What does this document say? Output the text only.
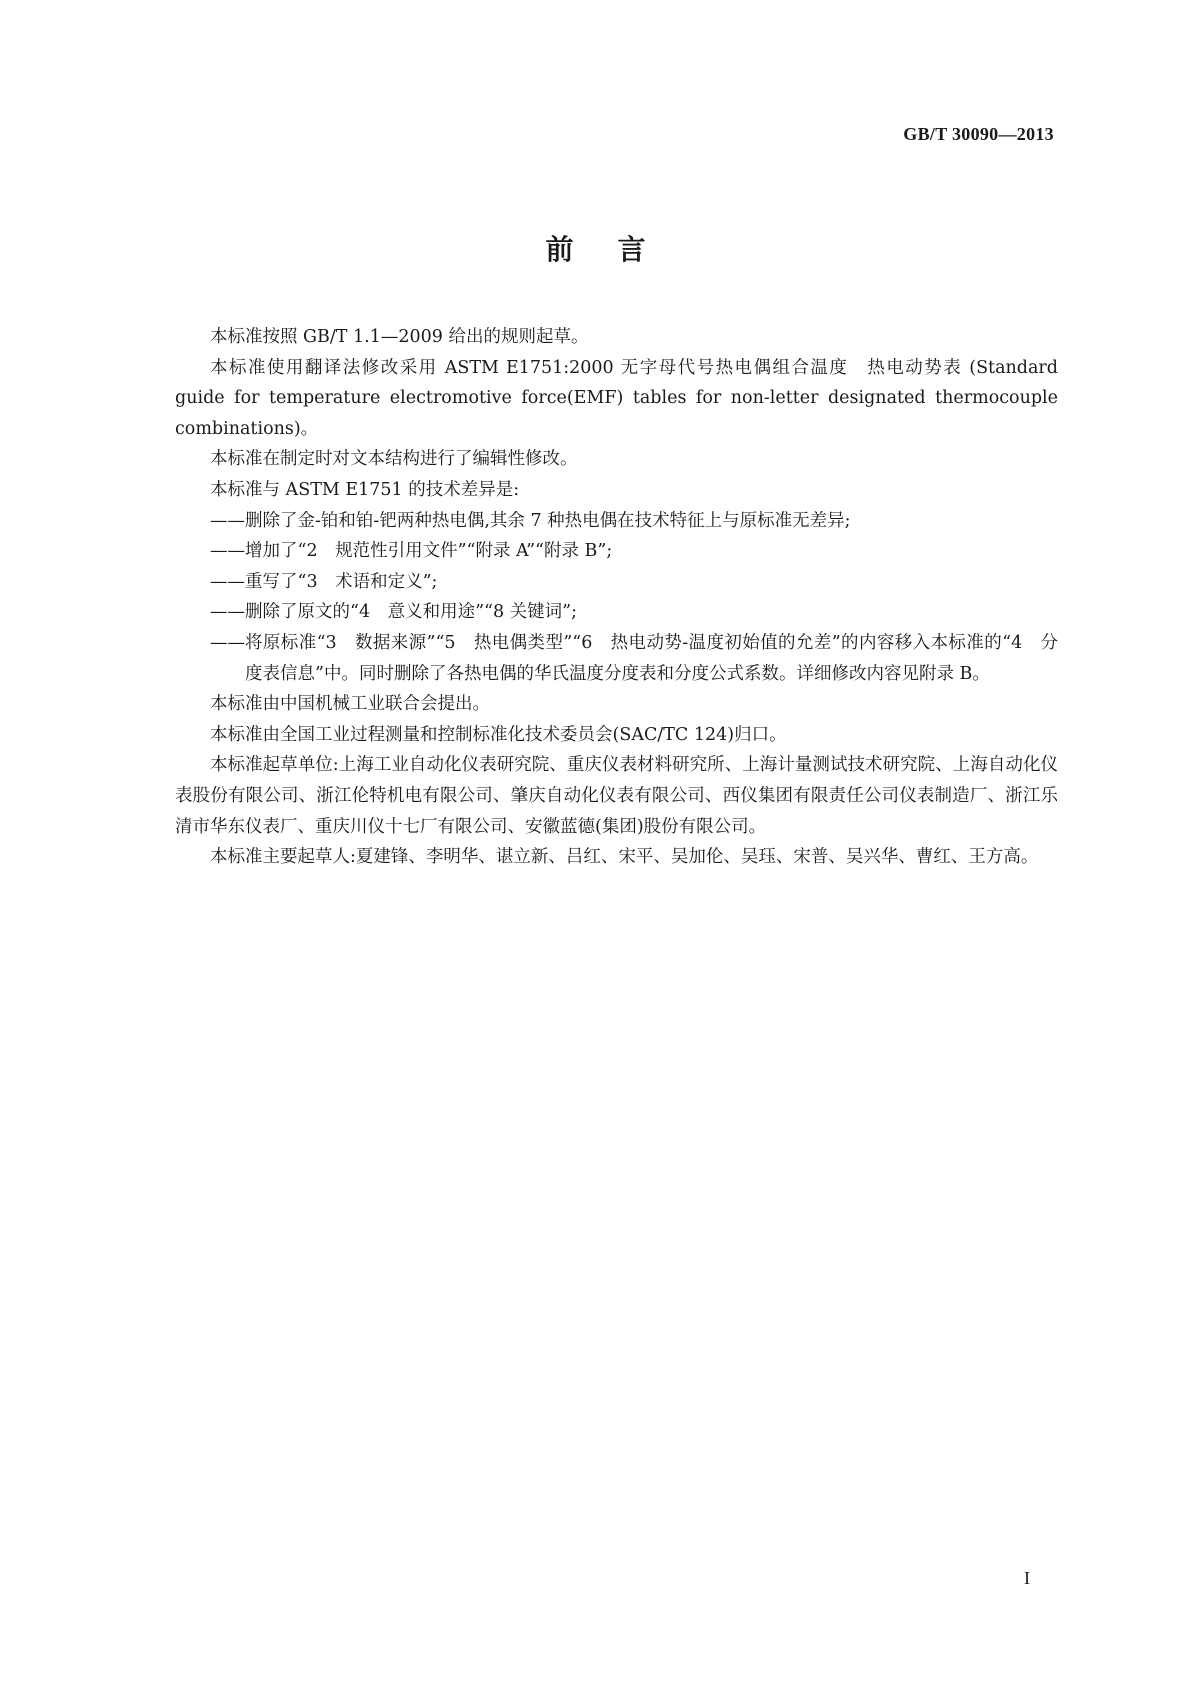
GB/T 30090—2013
前言

本标准按照 GB/T 1.1—2009 给出的规则起草。

本标准使用翻译法修改采用 ASTM E1751:2000 无字母代号热电偶组合温度　热电动势表 (Standard guide for temperature electromotive force(EMF) tables for non-letter designated thermocouple combinations)。

本标准在制定时对文本结构进行了编辑性修改。

本标准与 ASTM E1751 的技术差异是:

—— 删除了金-铂和铂-钯两种热电偶,其余 7 种热电偶在技术特征上与原标准无差异;
—— 增加了“2　规范性引用文件”“附录 A”“附录 B”;
—— 重写了“3　术语和定义”;
—— 删除了原文的“4　意义和用途”“8 关键词”;
—— 将原标准“3　数据来源”“5　热电偶类型”“6　热电动势-温度初始值的允差”的内容移入本标准的“4　分度表信息”中。同时删除了各热电偶的华氏温度分度表和分度公式系数。详细修改内容见附录 B。

本标准由中国机械工业联合会提出。

本标准由全国工业过程测量和控制标准化技术委员会(SAC/TC 124)归口。

本标准起草单位:上海工业自动化仪表研究院、重庆仪表材料研究所、上海计量测试技术研究院、上海自动化仪表股份有限公司、浙江伦特机电有限公司、肇庆自动化仪表有限公司、西仪集团有限责任公司仪表制造厂、浙江乐清市华东仪表厂、重庆川仪十七厂有限公司、安徽蓝德(集团)股份有限公司。

本标准主要起草人:夏建锋、李明华、谌立新、吕红、宋平、吴加伦、吴珏、宋普、吴兴华、曹红、王方高。

I
